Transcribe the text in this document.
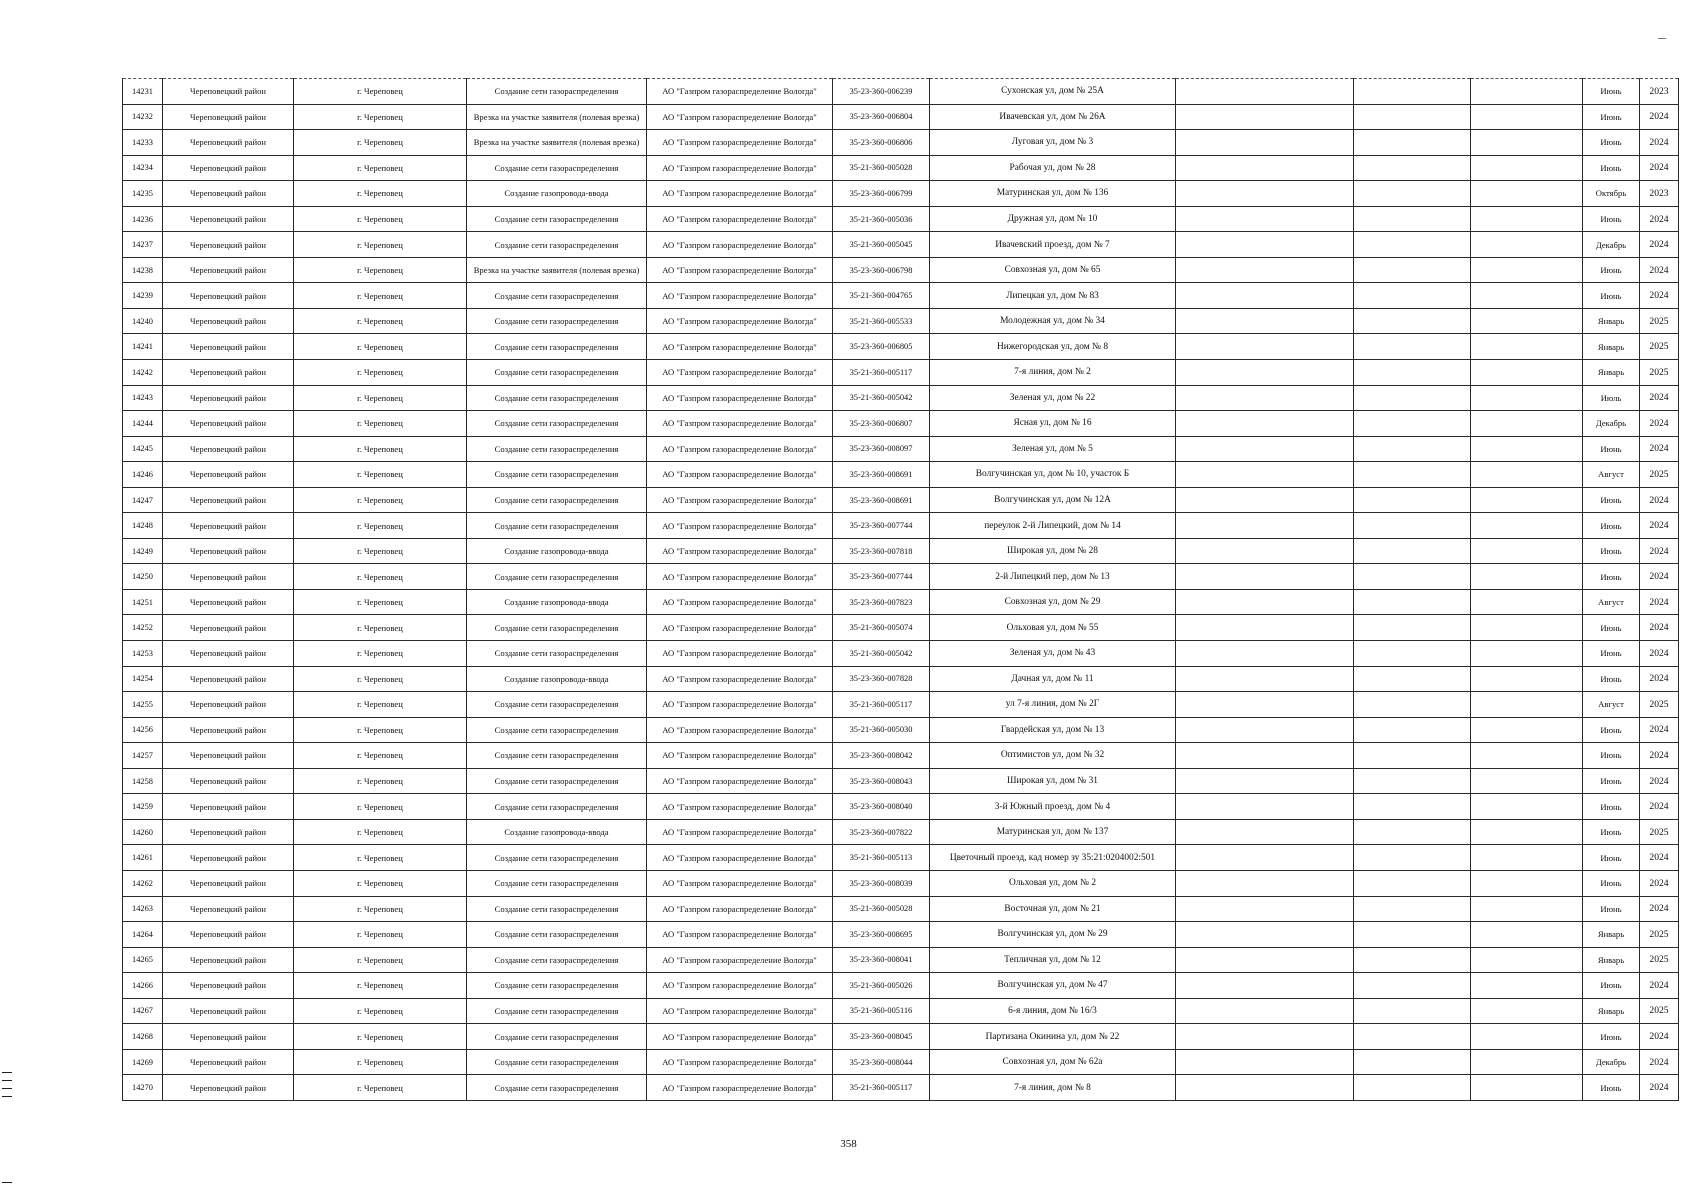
14231	Череповецкий район	г. Череповец	Создание сети газораспределения	АО "Газпром газораспределение Вологда"	35-23-360-006239	Сухонская ул, дом № 25А				Июнь	2023
14232	Череповецкий район	г. Череповец	Врезка на участке заявителя (полевая врезка)	АО "Газпром газораспределение Вологда"	35-23-360-006804	Ивачевская ул, дом № 26А				Июнь	2024
14233	Череповецкий район	г. Череповец	Врезка на участке заявителя (полевая врезка)	АО "Газпром газораспределение Вологда"	35-23-360-006806	Луговая ул, дом № 3				Июнь	2024
14234	Череповецкий район	г. Череповец	Создание сети газораспределения	АО "Газпром газораспределение Вологда"	35-21-360-005028	Рабочая ул, дом № 28				Июнь	2024
14235	Череповецкий район	г. Череповец	Создание газопровода-ввода	АО "Газпром газораспределение Вологда"	35-23-360-006799	Матуринская ул, дом № 136				Октябрь	2023
14236	Череповецкий район	г. Череповец	Создание сети газораспределения	АО "Газпром газораспределение Вологда"	35-21-360-005036	Дружная ул, дом № 10				Июнь	2024
14237	Череповецкий район	г. Череповец	Создание сети газораспределения	АО "Газпром газораспределение Вологда"	35-21-360-005045	Ивачевский проезд, дом № 7				Декабрь	2024
14238	Череповецкий район	г. Череповец	Врезка на участке заявителя (полевая врезка)	АО "Газпром газораспределение Вологда"	35-23-360-006798	Совхозная ул, дом № 65				Июнь	2024
14239	Череповецкий район	г. Череповец	Создание сети газораспределения	АО "Газпром газораспределение Вологда"	35-21-360-004765	Липецкая ул, дом № 83				Июнь	2024
14240	Череповецкий район	г. Череповец	Создание сети газораспределения	АО "Газпром газораспределение Вологда"	35-21-360-005533	Молодежная ул, дом № 34				Январь	2025
14241	Череповецкий район	г. Череповец	Создание сети газораспределения	АО "Газпром газораспределение Вологда"	35-23-360-006805	Нижегородская ул, дом № 8				Январь	2025
14242	Череповецкий район	г. Череповец	Создание сети газораспределения	АО "Газпром газораспределение Вологда"	35-21-360-005117	7-я линия, дом № 2				Январь	2025
14243	Череповецкий район	г. Череповец	Создание сети газораспределения	АО "Газпром газораспределение Вологда"	35-21-360-005042	Зеленая ул, дом № 22				Июль	2024
14244	Череповецкий район	г. Череповец	Создание сети газораспределения	АО "Газпром газораспределение Вологда"	35-23-360-006807	Ясная ул, дом № 16				Декабрь	2024
14245	Череповецкий район	г. Череповец	Создание сети газораспределения	АО "Газпром газораспределение Вологда"	35-23-360-008097	Зеленая ул, дом № 5				Июнь	2024
14246	Череповецкий район	г. Череповец	Создание сети газораспределения	АО "Газпром газораспределение Вологда"	35-23-360-008691	Волгучинская ул, дом № 10, участок Б				Август	2025
14247	Череповецкий район	г. Череповец	Создание сети газораспределения	АО "Газпром газораспределение Вологда"	35-23-360-008691	Волгучинская ул, дом № 12А				Июнь	2024
14248	Череповецкий район	г. Череповец	Создание сети газораспределения	АО "Газпром газораспределение Вологда"	35-23-360-007744	переулок 2-й Липецкий, дом № 14				Июнь	2024
14249	Череповецкий район	г. Череповец	Создание газопровода-ввода	АО "Газпром газораспределение Вологда"	35-23-360-007818	Широкая ул, дом № 28				Июнь	2024
14250	Череповецкий район	г. Череповец	Создание сети газораспределения	АО "Газпром газораспределение Вологда"	35-23-360-007744	2-й Липецкий пер, дом № 13				Июнь	2024
14251	Череповецкий район	г. Череповец	Создание газопровода-ввода	АО "Газпром газораспределение Вологда"	35-23-360-007823	Совхозная ул, дом № 29				Август	2024
14252	Череповецкий район	г. Череповец	Создание сети газораспределения	АО "Газпром газораспределение Вологда"	35-21-360-005074	Ольховая ул, дом № 55				Июнь	2024
14253	Череповецкий район	г. Череповец	Создание сети газораспределения	АО "Газпром газораспределение Вологда"	35-21-360-005042	Зеленая ул, дом № 43				Июнь	2024
14254	Череповецкий район	г. Череповец	Создание газопровода-ввода	АО "Газпром газораспределение Вологда"	35-23-360-007828	Дачная ул, дом № 11				Июнь	2024
14255	Череповецкий район	г. Череповец	Создание сети газораспределения	АО "Газпром газораспределение Вологда"	35-21-360-005117	ул 7-я линия, дом № 2Г				Август	2025
14256	Череповецкий район	г. Череповец	Создание сети газораспределения	АО "Газпром газораспределение Вологда"	35-21-360-005030	Гвардейская ул, дом № 13				Июнь	2024
14257	Череповецкий район	г. Череповец	Создание сети газораспределения	АО "Газпром газораспределение Вологда"	35-23-360-008042	Оптимистов ул, дом № 32				Июнь	2024
14258	Череповецкий район	г. Череповец	Создание сети газораспределения	АО "Газпром газораспределение Вологда"	35-23-360-008043	Широкая ул, дом № 31				Июнь	2024
14259	Череповецкий район	г. Череповец	Создание сети газораспределения	АО "Газпром газораспределение Вологда"	35-23-360-008040	3-й Южный проезд, дом № 4				Июнь	2024
14260	Череповецкий район	г. Череповец	Создание газопровода-ввода	АО "Газпром газораспределение Вологда"	35-23-360-007822	Матуринская ул, дом № 137				Июнь	2025
14261	Череповецкий район	г. Череповец	Создание сети газораспределения	АО "Газпром газораспределение Вологда"	35-21-360-005113	Цветочный проезд, кад номер зу 35:21:0204002:501				Июнь	2024
14262	Череповецкий район	г. Череповец	Создание сети газораспределения	АО "Газпром газораспределение Вологда"	35-23-360-008039	Ольховая ул, дом № 2				Июнь	2024
14263	Череповецкий район	г. Череповец	Создание сети газораспределения	АО "Газпром газораспределение Вологда"	35-21-360-005028	Восточная ул, дом № 21				Июнь	2024
14264	Череповецкий район	г. Череповец	Создание сети газораспределения	АО "Газпром газораспределение Вологда"	35-23-360-008695	Волгучинская ул, дом № 29				Январь	2025
14265	Череповецкий район	г. Череповец	Создание сети газораспределения	АО "Газпром газораспределение Вологда"	35-23-360-008041	Тепличная ул, дом № 12				Январь	2025
14266	Череповецкий район	г. Череповец	Создание сети газораспределения	АО "Газпром газораспределение Вологда"	35-21-360-005026	Волгучинская ул, дом № 47				Июнь	2024
14267	Череповецкий район	г. Череповец	Создание сети газораспределения	АО "Газпром газораспределение Вологда"	35-21-360-005116	6-я линия, дом № 16/3				Январь	2025
14268	Череповецкий район	г. Череповец	Создание сети газораспределения	АО "Газпром газораспределение Вологда"	35-23-360-008045	Партизана Окинина ул, дом № 22				Июнь	2024
14269	Череповецкий район	г. Череповец	Создание сети газораспределения	АО "Газпром газораспределение Вологда"	35-23-360-008044	Совхозная ул, дом № 62а				Декабрь	2024
14270	Череповецкий район	г. Череповец	Создание сети газораспределения	АО "Газпром газораспределение Вологда"	35-21-360-005117	7-я линия, дом № 8				Июнь	2024
358
